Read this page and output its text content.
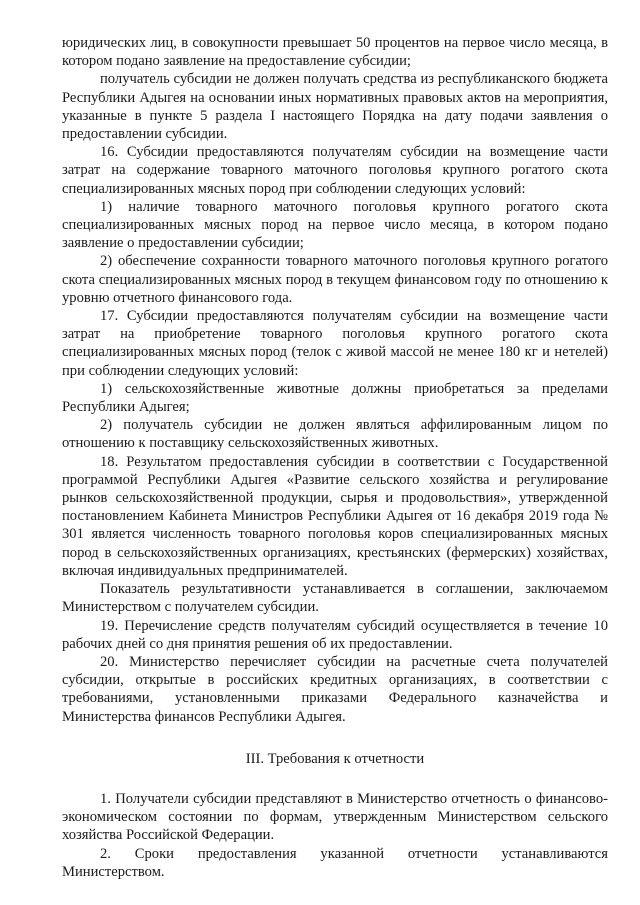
юридических лиц, в совокупности превышает 50 процентов на первое число месяца, в котором подано заявление на предоставление субсидии;

получатель субсидии не должен получать средства из республиканского бюджета Республики Адыгея на основании иных нормативных правовых актов на мероприятия, указанные в пункте 5 раздела I настоящего Порядка на дату подачи заявления о предоставлении субсидии.

16. Субсидии предоставляются получателям субсидии на возмещение части затрат на содержание товарного маточного поголовья крупного рогатого скота специализированных мясных пород при соблюдении следующих условий:

1) наличие товарного маточного поголовья крупного рогатого скота специализированных мясных пород на первое число месяца, в котором подано заявление о предоставлении субсидии;

2) обеспечение сохранности товарного маточного поголовья крупного рогатого скота специализированных мясных пород в текущем финансовом году по отношению к уровню отчетного финансового года.

17. Субсидии предоставляются получателям субсидии на возмещение части затрат на приобретение товарного поголовья крупного рогатого скота специализированных мясных пород (телок с живой массой не менее 180 кг и нетелей) при соблюдении следующих условий:

1) сельскохозяйственные животные должны приобретаться за пределами Республики Адыгея;

2) получатель субсидии не должен являться аффилированным лицом по отношению к поставщику сельскохозяйственных животных.

18. Результатом предоставления субсидии в соответствии с Государственной программой Республики Адыгея «Развитие сельского хозяйства и регулирование рынков сельскохозяйственной продукции, сырья и продовольствия», утвержденной постановлением Кабинета Министров Республики Адыгея от 16 декабря 2019 года № 301 является численность товарного поголовья коров специализированных мясных пород в сельскохозяйственных организациях, крестьянских (фермерских) хозяйствах, включая индивидуальных предпринимателей.

Показатель результативности устанавливается в соглашении, заключаемом Министерством с получателем субсидии.

19. Перечисление средств получателям субсидий осуществляется в течение 10 рабочих дней со дня принятия решения об их предоставлении.

20. Министерство перечисляет субсидии на расчетные счета получателей субсидии, открытые в российских кредитных организациях, в соответствии с требованиями, установленными приказами Федерального казначейства и Министерства финансов Республики Адыгея.

III. Требования к отчетности

1. Получатели субсидии представляют в Министерство отчетность о финансово-экономическом состоянии по формам, утвержденным Министерством сельского хозяйства Российской Федерации.

2. Сроки предоставления указанной отчетности устанавливаются Министерством.
